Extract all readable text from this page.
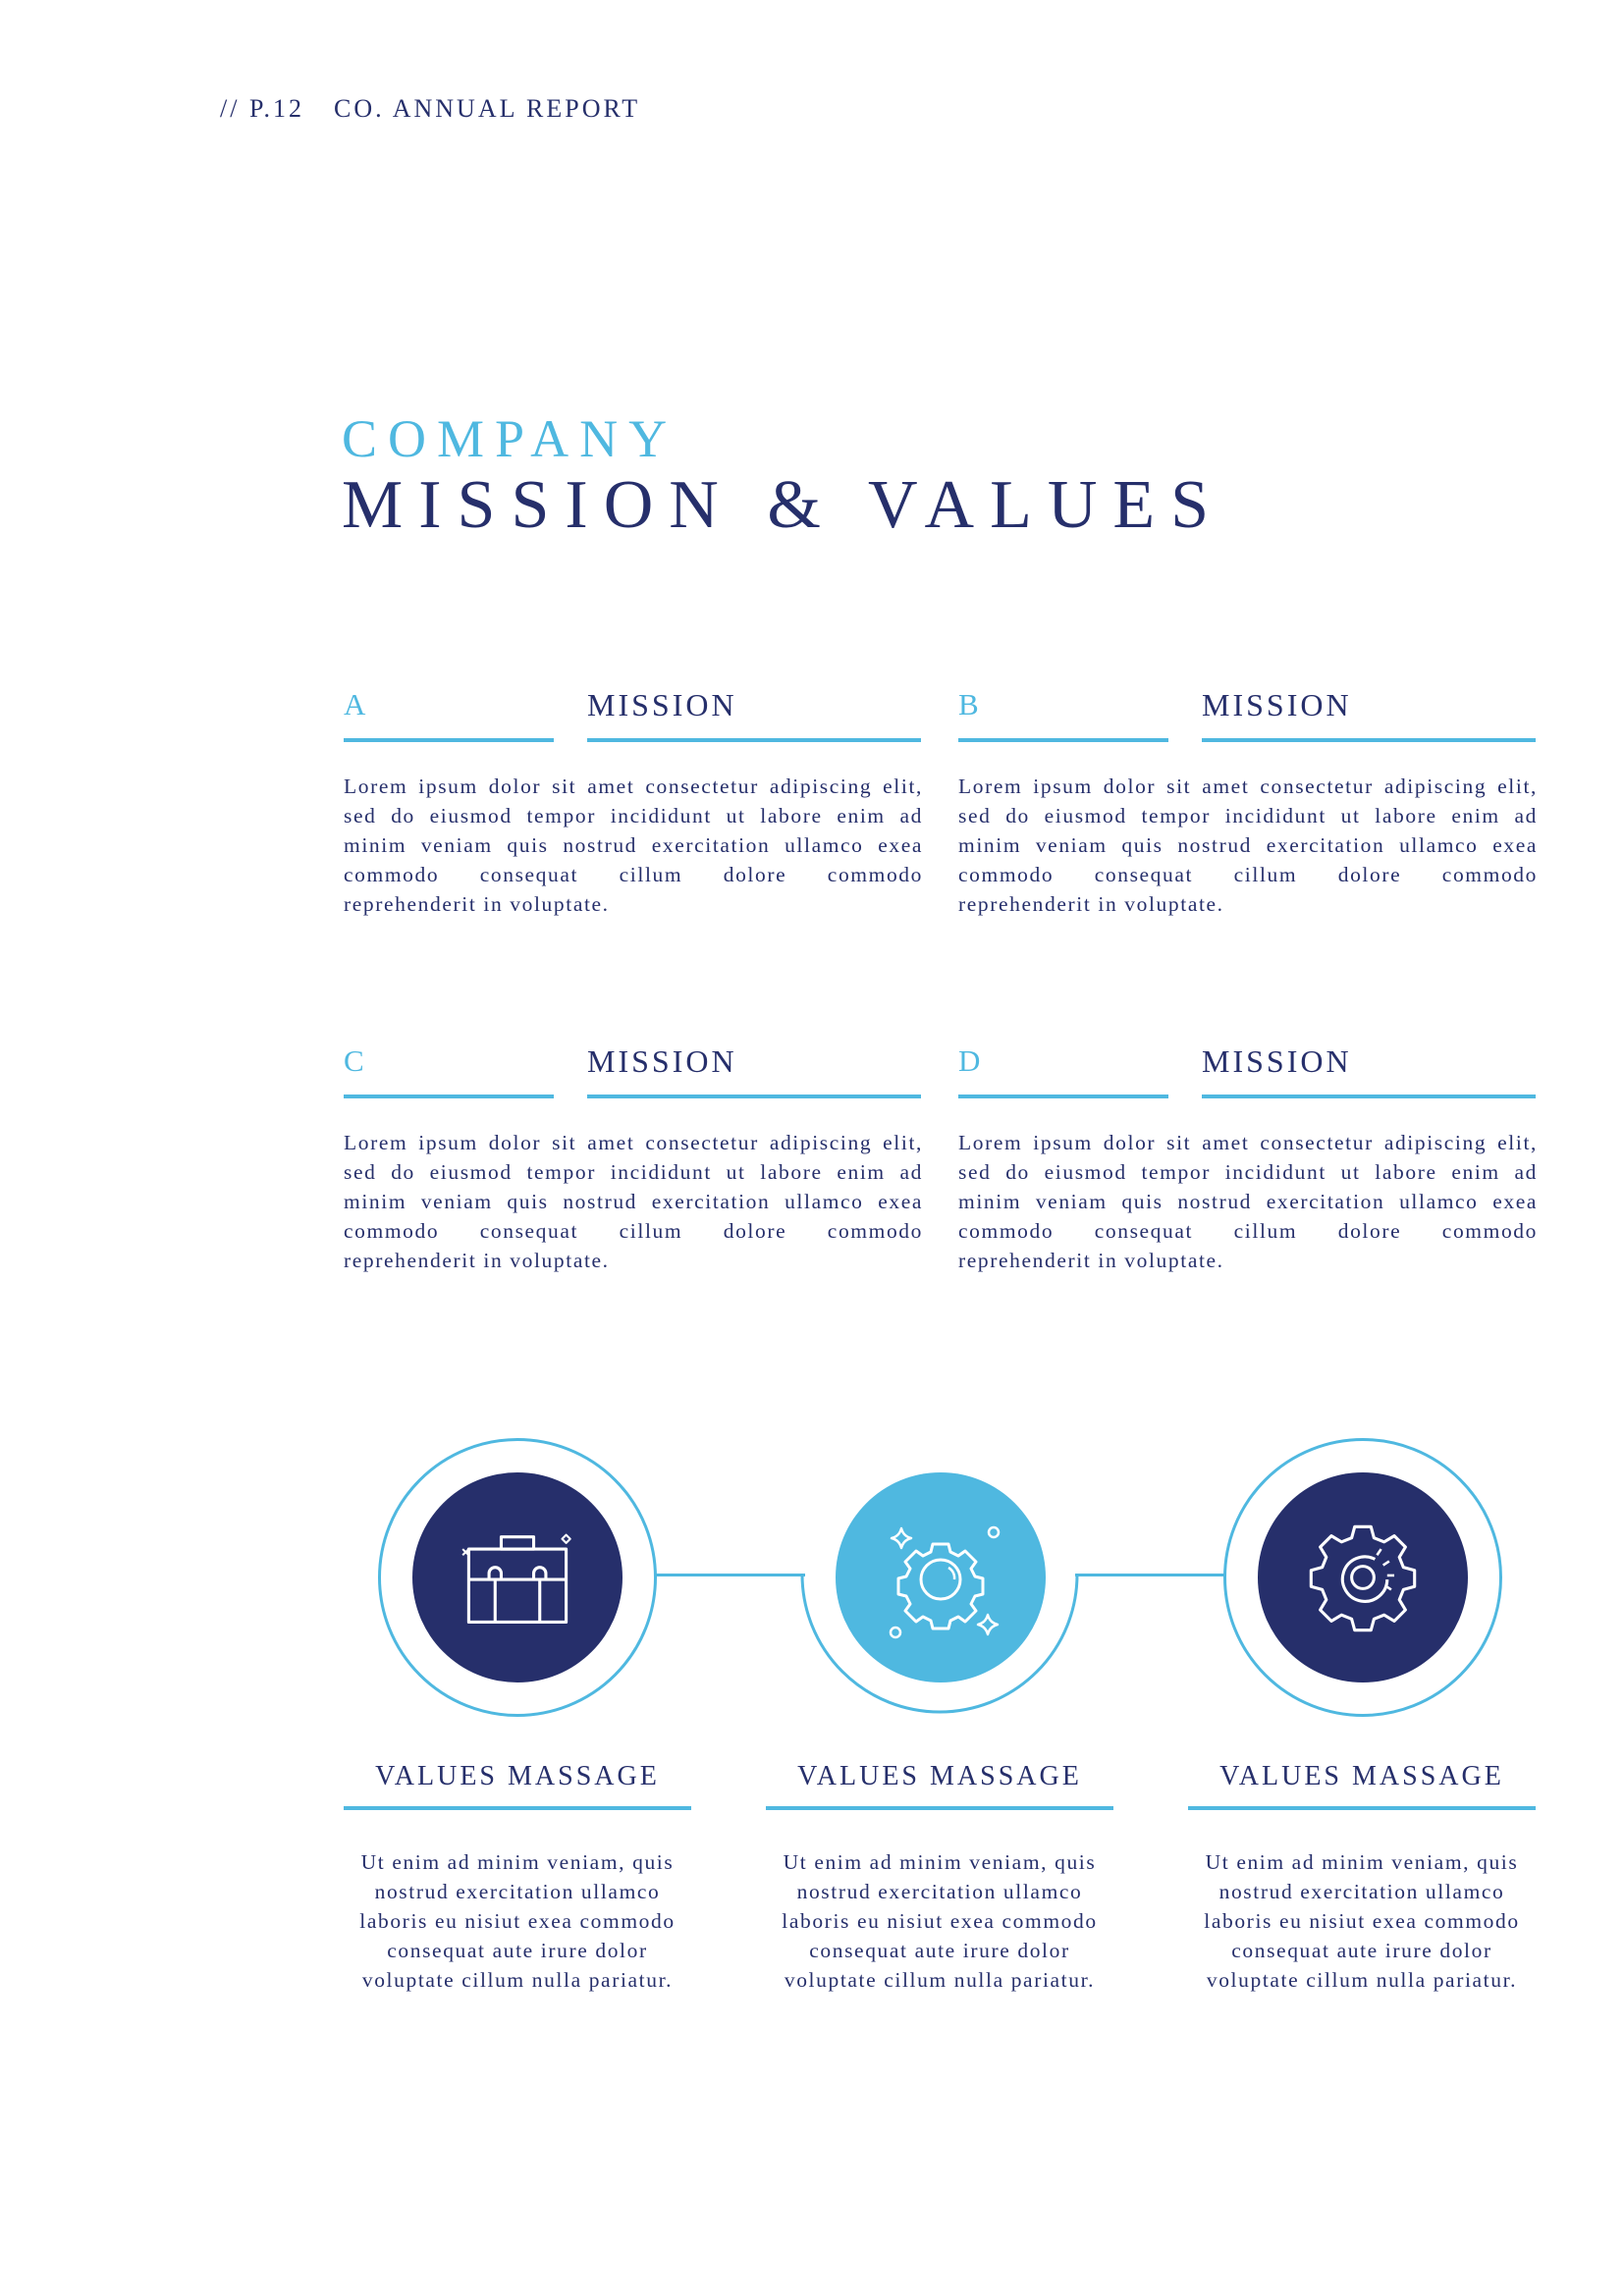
// P.12 CO. ANNUAL REPORT
COMPANY
MISSION & VALUES
A	MISSION
Lorem ipsum dolor sit amet consectetur adipiscing elit, sed do eiusmod tempor incididunt ut labore enim ad minim veniam quis nostrud exercitation ullamco exea commodo consequat cillum dolore commodo reprehenderit in voluptate.
B	MISSION
Lorem ipsum dolor sit amet consectetur adipiscing elit, sed do eiusmod tempor incididunt ut labore enim ad minim veniam quis nostrud exercitation ullamco exea commodo consequat cillum dolore commodo reprehenderit in voluptate.
C	MISSION
Lorem ipsum dolor sit amet consectetur adipiscing elit, sed do eiusmod tempor incididunt ut labore enim ad minim veniam quis nostrud exercitation ullamco exea commodo consequat cillum dolore commodo reprehenderit in voluptate.
D	MISSION
Lorem ipsum dolor sit amet consectetur adipiscing elit, sed do eiusmod tempor incididunt ut labore enim ad minim veniam quis nostrud exercitation ullamco exea commodo consequat cillum dolore commodo reprehenderit in voluptate.
VALUES MASSAGE
Ut enim ad minim veniam, quis nostrud exercitation ullamco laboris eu nisiut exea commodo consequat aute irure dolor voluptate cillum nulla pariatur.
VALUES MASSAGE
Ut enim ad minim veniam, quis nostrud exercitation ullamco laboris eu nisiut exea commodo consequat aute irure dolor voluptate cillum nulla pariatur.
VALUES MASSAGE
Ut enim ad minim veniam, quis nostrud exercitation ullamco laboris eu nisiut exea commodo consequat aute irure dolor voluptate cillum nulla pariatur.
